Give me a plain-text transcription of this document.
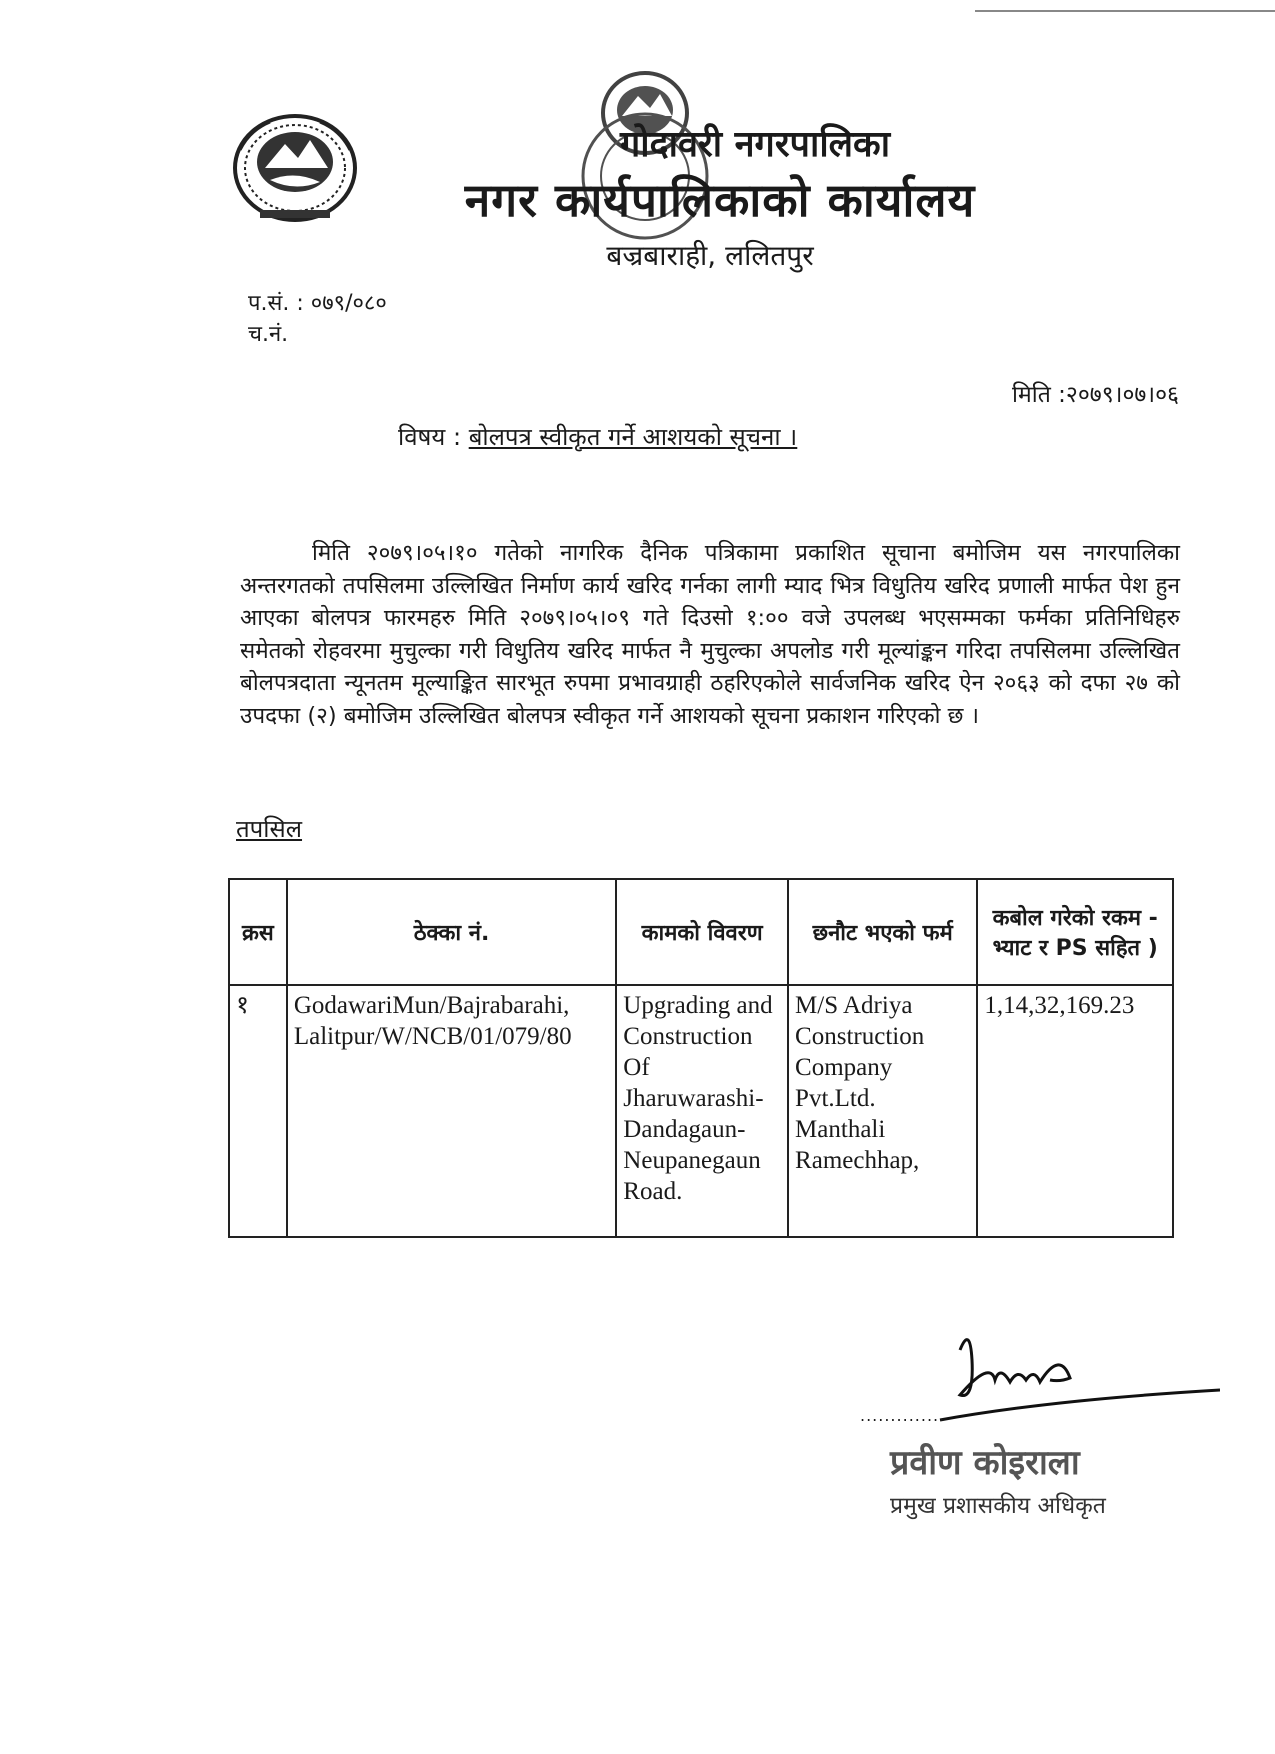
गोदावरी नगरपालिका
नगर कार्यपालिकाको कार्यालय
बज्रबाराही, ललितपुर
प.सं. : ०७९/०८०
च.नं.
मिति :२०७९।०७।०६
विषय : बोलपत्र स्वीकृत गर्ने आशयको सूचना ।
मिति २०७९।०५।१० गतेको नागरिक दैनिक पत्रिकामा प्रकाशित सूचाना बमोजिम यस नगरपालिका अन्तरगतको तपसिलमा उल्लिखित निर्माण कार्य खरिद गर्नका लागी म्याद भित्र विधुतिय खरिद प्रणाली मार्फत पेश हुन आएका बोलपत्र फारमहरु मिति २०७९।०५।०९ गते दिउसो १:०० वजे उपलब्ध भएसम्मका फर्मका प्रतिनिधिहरु समेतको रोहवरमा मुचुल्का गरी विधुतिय खरिद मार्फत नै मुचुल्का अपलोड गरी मूल्यांङ्कन गरिदा तपसिलमा उल्लिखित बोलपत्रदाता न्यूनतम मूल्याङ्कित सारभूत रुपमा प्रभावग्राही ठहरिएकोले सार्वजनिक खरिद ऐन २०६३ को दफा २७ को उपदफा (२) बमोजिम उल्लिखित बोलपत्र स्वीकृत गर्ने आशयको सूचना प्रकाशन गरिएको छ ।
तपसिल
क्रस	ठेक्का नं.	कामको विवरण	छनौट भएको फर्म	कबोल गरेको रकम - भ्याट र PS सहित )
१	GodawariMun/Bajrabarahi, Lalitpur/W/NCB/01/079/80	Upgrading and Construction Of Jharuwarashi-Dandagaun-Neupanegaun Road.	M/S Adriya Construction Company Pvt.Ltd. Manthali Ramechhap,	1,14,32,169.23
..............
प्रवीण कोइराला
प्रमुख प्रशासकीय अधिकृत
